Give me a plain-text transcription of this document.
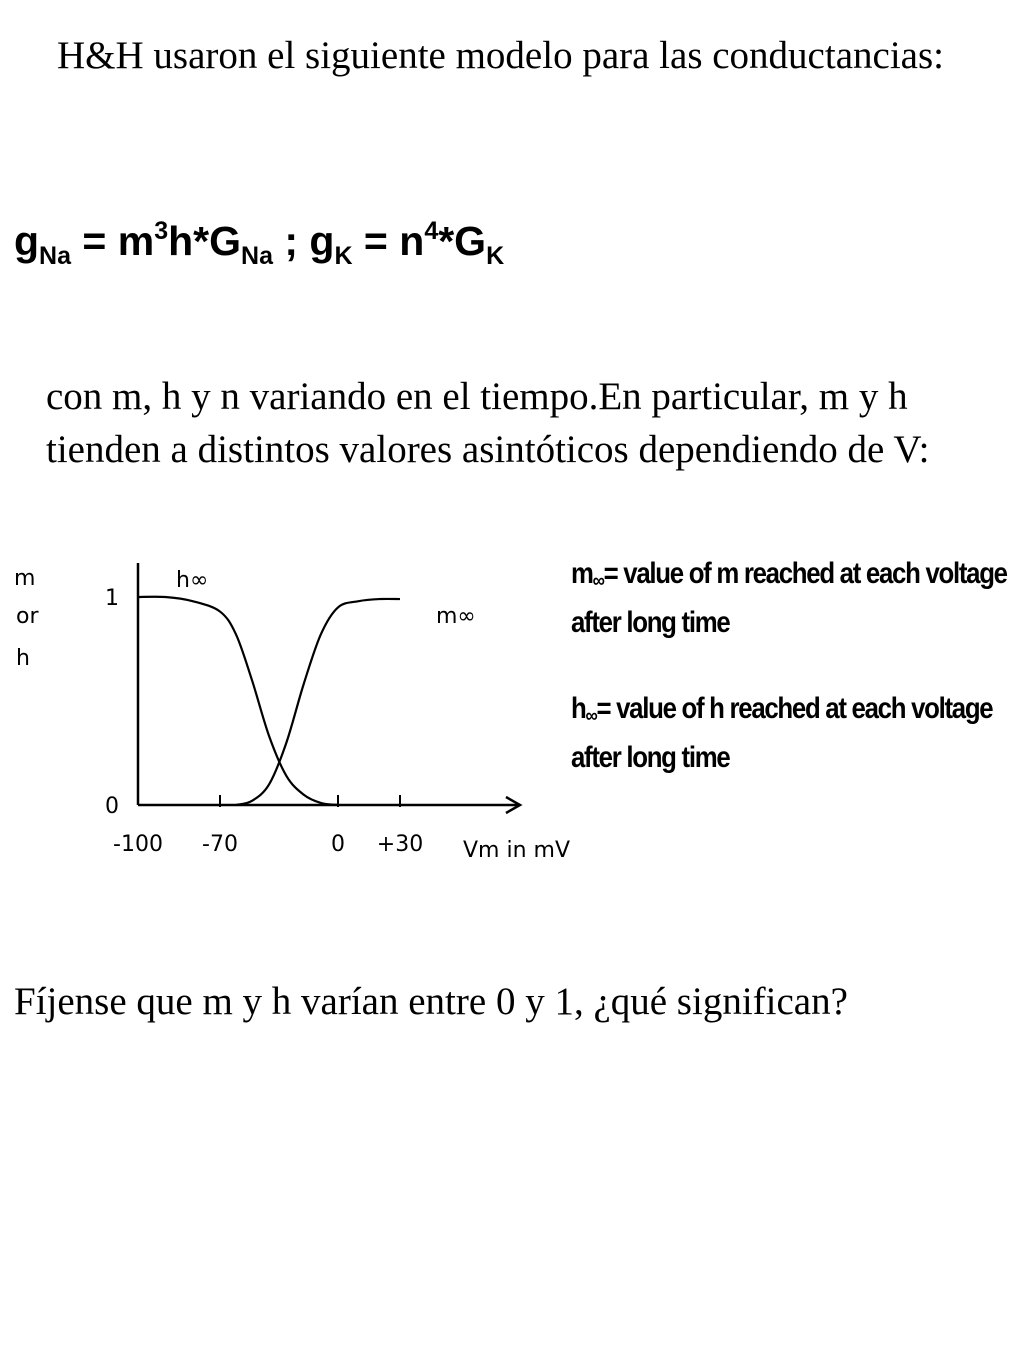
H&H usaron el siguiente modelo para las conductancias:
$g_{Na} = m^3h*G_{Na}$ ; $g_K = n^4*G_K$
con m, h y n variando en el tiempo.En particular, m y h tienden a distintos valores asintóticos dependiendo de V:
m
or
h
-100 -70	0 +30
0
1
h∞
m∞
Vm in mV
m∞= value of m reached at each voltage after long time
h∞= value of h reached at each voltage after long time
Fíjense que m y h varían entre 0 y 1, ¿qué significan?
